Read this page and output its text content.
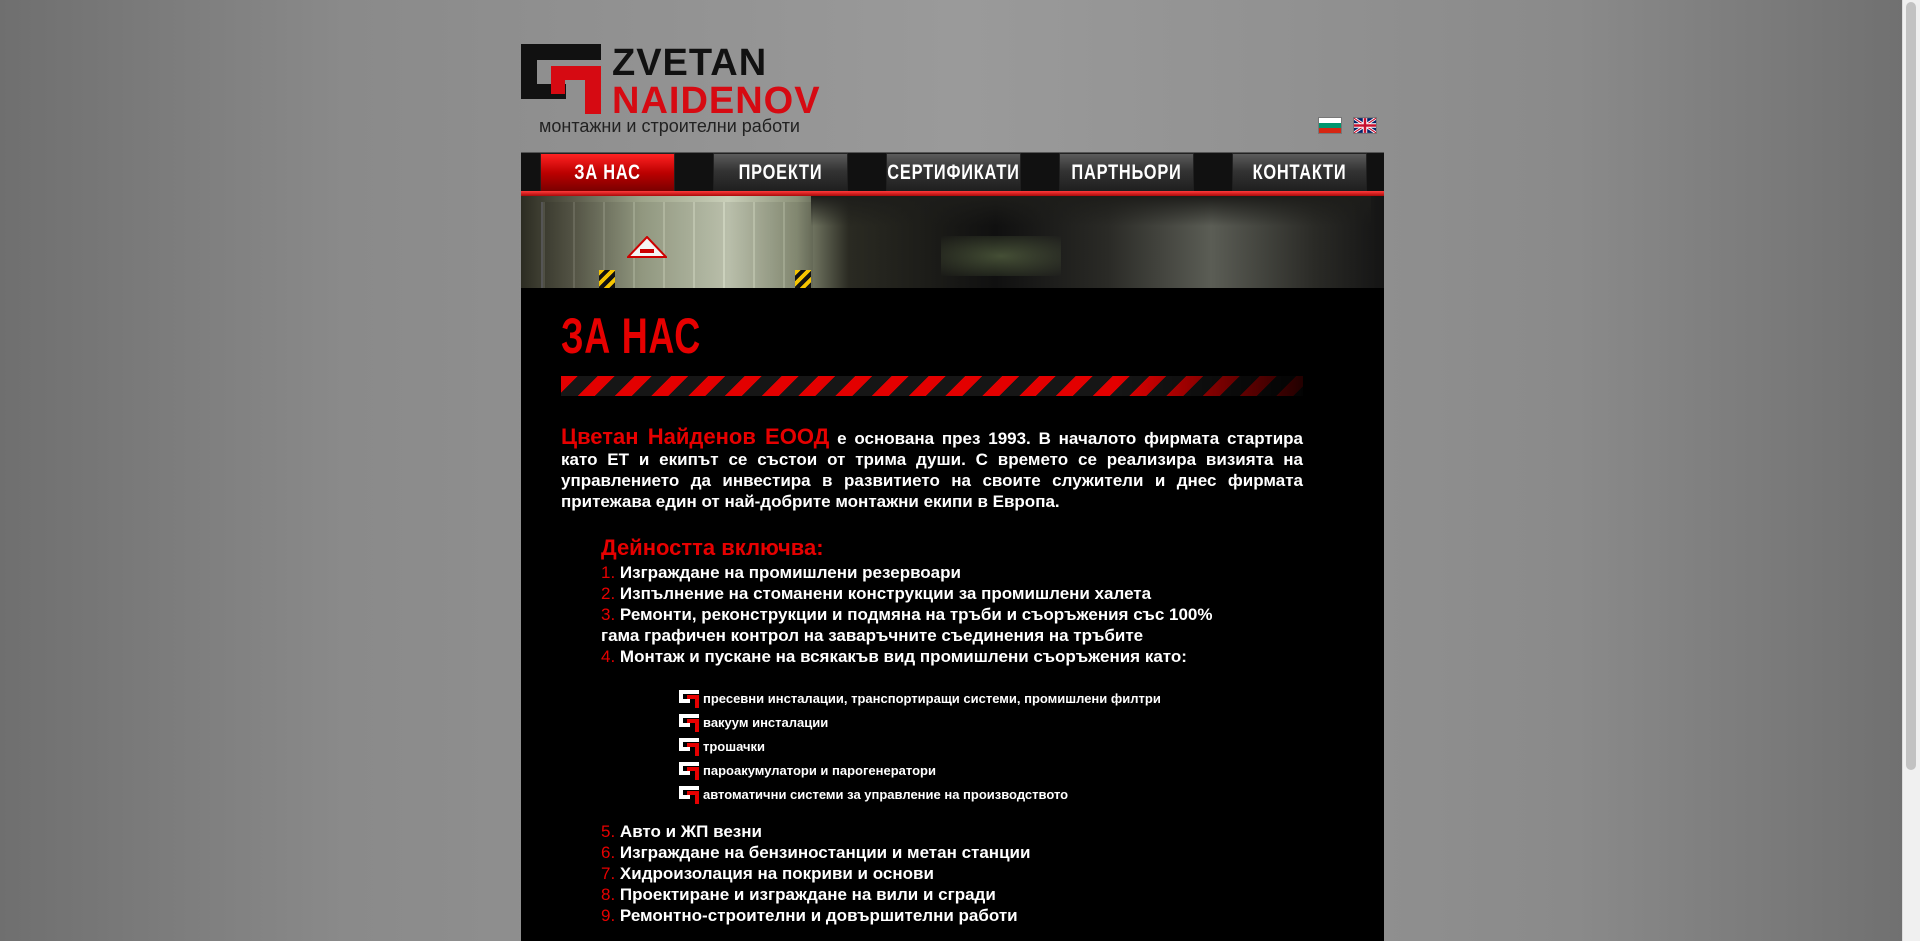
ZVETAN
NAIDENOV
монтажни и строителни работи
ЗА НАС	ПРОЕКТИ	СЕРТИФИКАТИ	ПАРТНЬОРИ	КОНТАКТИ
ЗА НАС
Цветан Найденов ЕООД е основана през 1993. В началото фирмата стартира като ЕТ и екипът се състои от трима души. С времето се реализира визията на управлението да инвестира в развитието на своите служители и днес фирмата притежава един от най-добрите монтажни екипи в Европа.
Дейността включва:

1. Изграждане на промишлени резервоари

2. Изпълнение на стоманени конструкции за промишлени халета

3. Ремонти, реконструкции и подмяна на тръби и съоръжения със 100% гама графичен контрол на заваръчните съединения на тръбите

4. Монтаж и пускане на всякакъв вид промишлени съоръжения като:

пресевни инсталации, транспортиращи системи, промишлени филтри
вакуум инсталации
трошачки
пароакумулатори и парогенератори
автоматични системи за управление на производството

5. Авто и ЖП везни

6. Изграждане на бензиностанции и метан станции

7. Хидроизолация на покриви и основи

8. Проектиране и изграждане на вили и сгради

9. Ремонтно-строителни и довършителни работи
